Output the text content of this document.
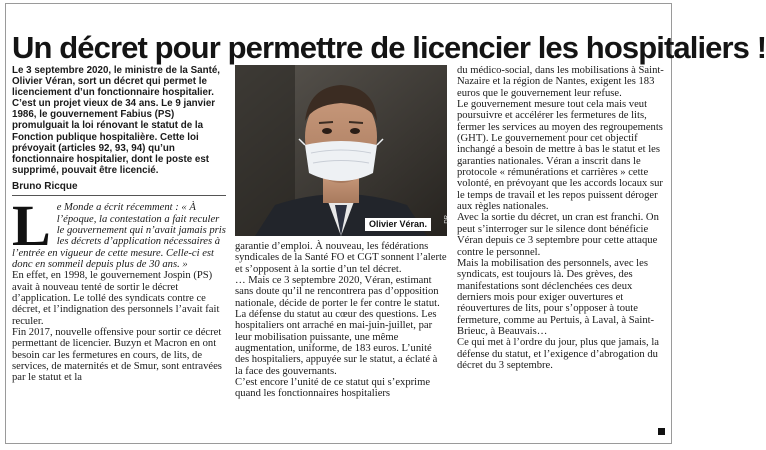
Un décret pour permettre de licencier les hospitaliers !

Le 3 septembre 2020, le ministre de la Santé, Olivier Véran, sort un décret qui permet le licenciement d’un fonctionnaire hospitalier. C’est un projet vieux de 34 ans. Le 9 janvier 1986, le gouvernement Fabius (PS) promulguait la loi rénovant le statut de la Fonction publique hospitalière. Cette loi prévoyait (articles 92, 93, 94) qu’un fonctionnaire hospitalier, dont le poste est supprimé, pouvait être licencié.

Bruno Ricque

Le Monde a écrit récemment : « À l’époque, la contestation a fait reculer le gouvernement qui n’avait jamais pris les décrets d’application nécessaires à l’entrée en vigueur de cette mesure. Celle-ci est donc en sommeil depuis plus de 30 ans. »

En effet, en 1998, le gouvernement Jospin (PS) avait à nouveau tenté de sortir le décret d’application. Le tollé des syndicats contre ce décret, et l’indignation des personnels l’avait fait reculer.

Fin 2017, nouvelle offensive pour sortir ce décret permettant de licencier. Buzyn et Macron en ont besoin car les fermetures en cours, de lits, de services, de maternités et de Smur, sont entravées par le statut et la

Olivier Véran.	DR

garantie d’emploi. À nouveau, les fédérations syndicales de la Santé FO et CGT sonnent l’alerte et s’opposent à la sortie d’un tel décret.

… Mais ce 3 septembre 2020, Véran, estimant sans doute qu’il ne rencontrera pas d’opposition nationale, décide de porter le fer contre le statut.

La défense du statut au cœur des questions. Les hospitaliers ont arraché en mai-juin-juillet, par leur mobilisation puissante, une même augmentation, uniforme, de 183 euros. L’unité des hospitaliers, appuyée sur le statut, a éclaté à la face des gouvernants.

C’est encore l’unité de ce statut qui s’exprime quand les fonctionnaires hospitaliers

du médico-social, dans les mobilisations à Saint-Nazaire et la région de Nantes, exigent les 183 euros que le gouvernement leur refuse.

Le gouvernement mesure tout cela mais veut poursuivre et accélérer les fermetures de lits, fermer les services au moyen des regroupements (GHT). Le gouvernement pour cet objectif inchangé a besoin de mettre à bas le statut et les garanties nationales. Véran a inscrit dans le protocole « rémunérations et carrières » cette volonté, en prévoyant que les accords locaux sur le temps de travail et les repos puissent déroger aux règles nationales.

Avec la sortie du décret, un cran est franchi. On peut s’interroger sur le silence dont bénéficie Véran depuis ce 3 septembre pour cette attaque contre le personnel.

Mais la mobilisation des personnels, avec les syndicats, est toujours là. Des grèves, des manifestations sont déclenchées ces deux derniers mois pour exiger ouvertures et réouvertures de lits, pour s’opposer à toute fermeture, comme au Pertuis, à Laval, à Saint-Brieuc, à Beauvais…

Ce qui met à l’ordre du jour, plus que jamais, la défense du statut, et l’exigence d’abrogation du décret du 3 septembre.
